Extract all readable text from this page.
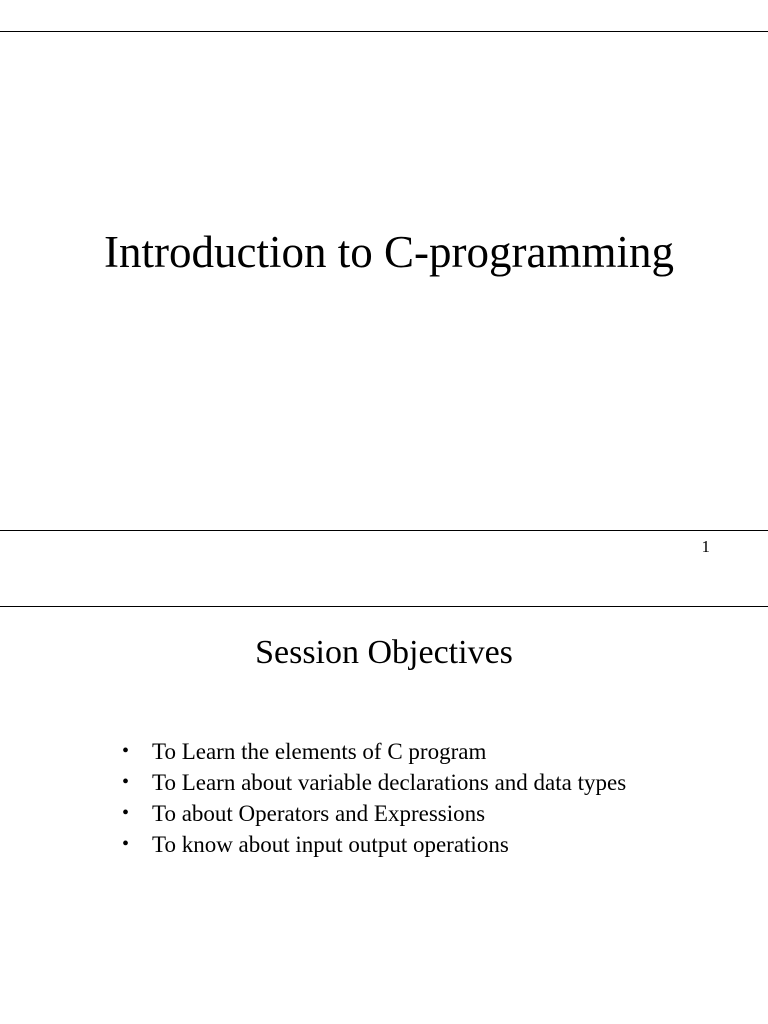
Introduction to C-programming
1
Session Objectives
• To Learn the elements of C program
• To Learn about variable declarations and data types
• To about Operators and Expressions
• To know about input output operations
